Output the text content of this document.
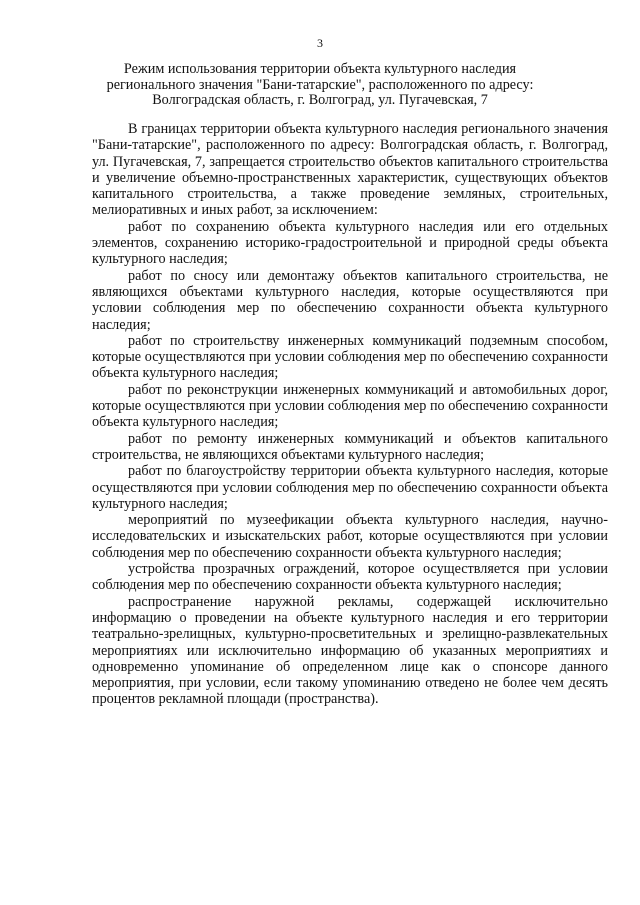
3
Режим использования территории объекта культурного наследия
регионального значения "Бани-татарские", расположенного по адресу:
Волгоградская область, г. Волгоград, ул. Пугачевская, 7

В границах территории объекта культурного наследия регионального значения "Бани-татарские", расположенного по адресу: Волгоградская область, г. Волгоград, ул. Пугачевская, 7, запрещается строительство объектов капитального строительства и увеличение объемно-пространственных характеристик, существующих объектов капитального строительства, а также проведение земляных, строительных, мелиоративных и иных работ, за исключением:

работ по сохранению объекта культурного наследия или его отдельных элементов, сохранению историко-градостроительной и природной среды объекта культурного наследия;

работ по сносу или демонтажу объектов капитального строительства, не являющихся объектами культурного наследия, которые осуществляются при условии соблюдения мер по обеспечению сохранности объекта культурного наследия;

работ по строительству инженерных коммуникаций подземным способом, которые осуществляются при условии соблюдения мер по обеспечению сохранности объекта культурного наследия;

работ по реконструкции инженерных коммуникаций и автомобильных дорог, которые осуществляются при условии соблюдения мер по обеспечению сохранности объекта культурного наследия;

работ по ремонту инженерных коммуникаций и объектов капитального строительства, не являющихся объектами культурного наследия;

работ по благоустройству территории объекта культурного наследия, которые осуществляются при условии соблюдения мер по обеспечению сохранности объекта культурного наследия;

мероприятий по музеефикации объекта культурного наследия, научно-исследовательских и изыскательских работ, которые осуществляются при условии соблюдения мер по обеспечению сохранности объекта культурного наследия;

устройства прозрачных ограждений, которое осуществляется при условии соблюдения мер по обеспечению сохранности объекта культурного наследия;

распространение наружной рекламы, содержащей исключительно информацию о проведении на объекте культурного наследия и его территории театрально-зрелищных, культурно-просветительных и зрелищно-развлекательных мероприятиях или исключительно информацию об указанных мероприятиях и одновременно упоминание об определенном лице как о спонсоре данного мероприятия, при условии, если такому упоминанию отведено не более чем десять процентов рекламной площади (пространства).
